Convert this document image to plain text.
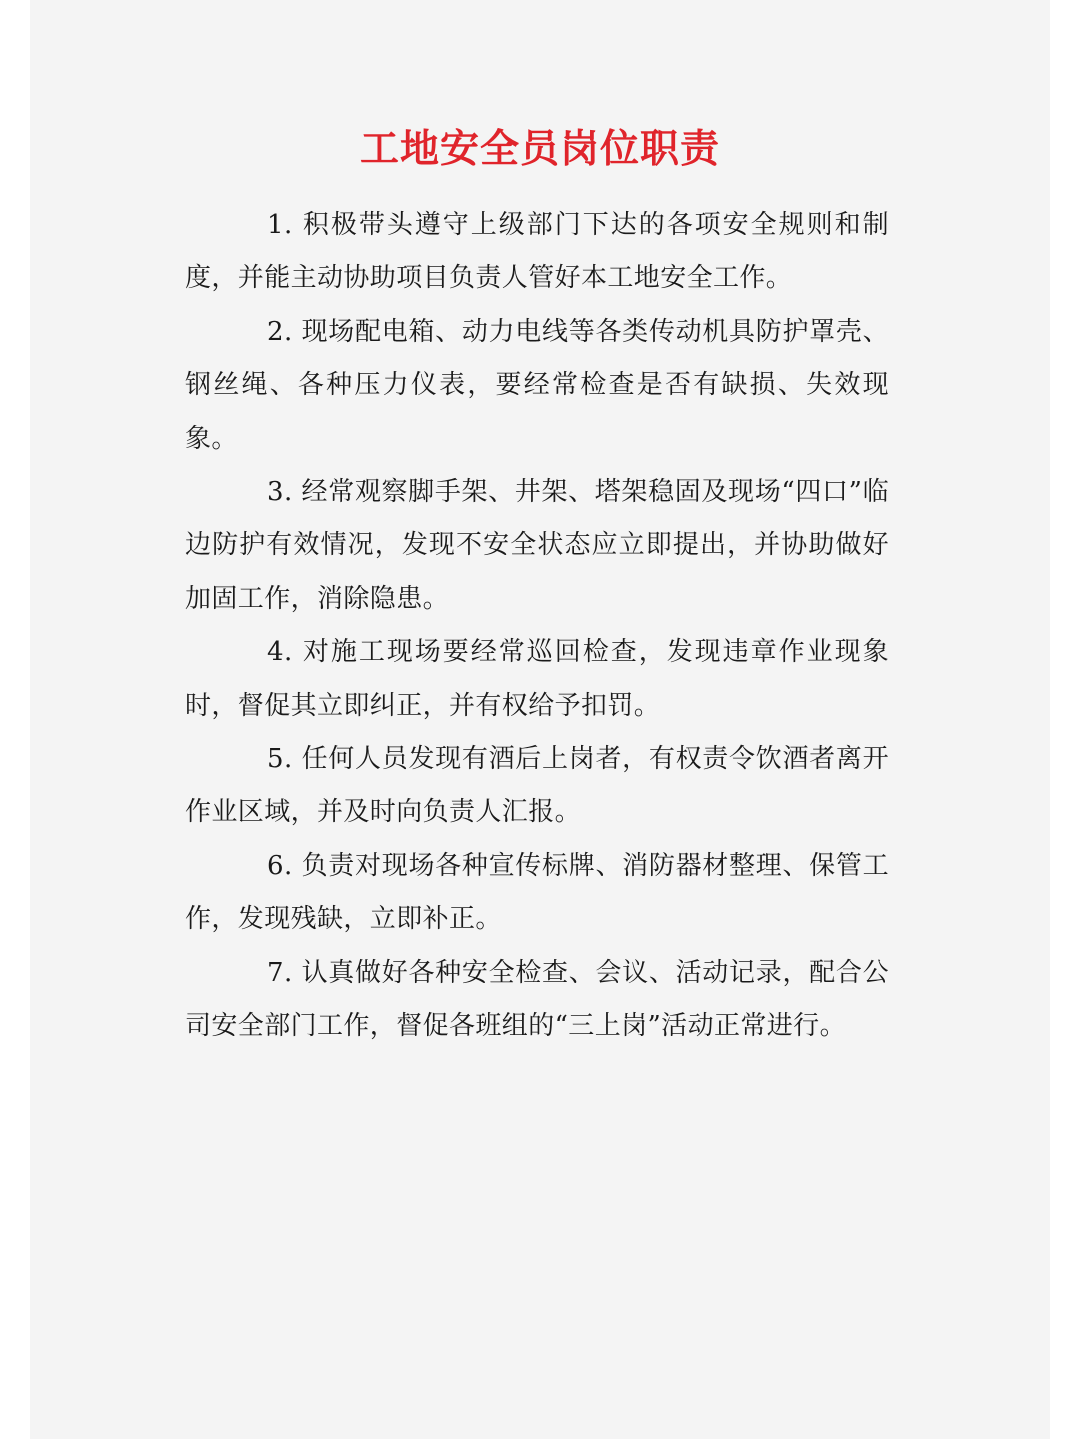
工地安全员岗位职责

1. 积极带头遵守上级部门下达的各项安全规则和制度，并能主动协助项目负责人管好本工地安全工作。

2. 现场配电箱、动力电线等各类传动机具防护罩壳、钢丝绳、各种压力仪表，要经常检查是否有缺损、失效现象。

3. 经常观察脚手架、井架、塔架稳固及现场“四口”临边防护有效情况，发现不安全状态应立即提出，并协助做好加固工作，消除隐患。

4. 对施工现场要经常巡回检查，发现违章作业现象时，督促其立即纠正，并有权给予扣罚。

5. 任何人员发现有酒后上岗者，有权责令饮酒者离开作业区域，并及时向负责人汇报。

6. 负责对现场各种宣传标牌、消防器材整理、保管工作，发现残缺，立即补正。

7. 认真做好各种安全检查、会议、活动记录，配合公司安全部门工作，督促各班组的“三上岗”活动正常进行。
